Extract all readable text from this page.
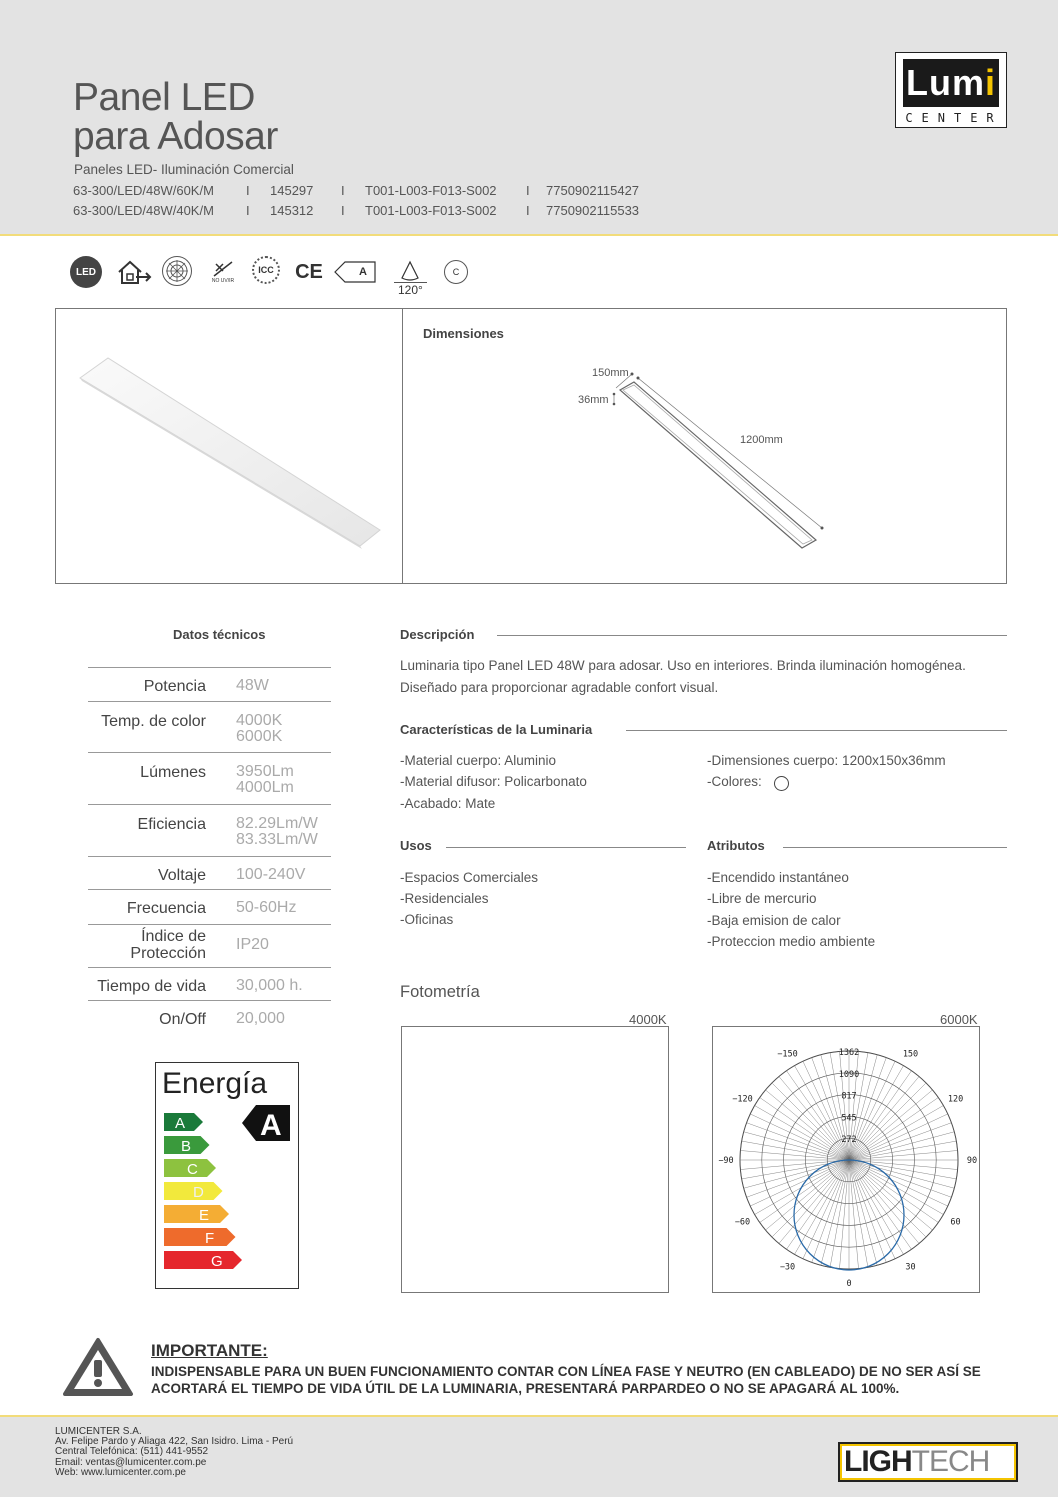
Panel LED
para Adosar
Paneles LED- Iluminación Comercial
63-300/LED/48W/60K/M I 145297 I T001-L003-F013-S002 I 7750902115427
63-300/LED/48W/40K/M I 145312 I T001-L003-F013-S002 I 7750902115533
Lumi
CENTER
LED
NO UV/IR
ICC CE	A
120°
C
Dimensiones
150mm
36mm
1200mm
Datos técnicos
Potencia 48W
Temp. de color 4000K
6000K
Lúmenes 3950Lm
4000Lm
Eficiencia 82.29Lm/W
83.33Lm/W
Voltaje 100-240V
Frecuencia 50-60Hz
Índice de
Protección
IP20
Tiempo de vida 30,000 h.
On/Off 20,000
Energía
A
B
C
D
E
F
G
A
Descripción
Luminaria tipo Panel LED 48W para adosar. Uso en interiores. Brinda iluminación homogénea.
Diseñado para proporcionar agradable confort visual.
Características de la Luminaria
-Material cuerpo: Aluminio
-Material difusor: Policarbonato
-Acabado: Mate
-Dimensiones cuerpo: 1200x150x36mm
-Colores:
Usos
-Espacios Comerciales
-Residenciales
-Oficinas
Atributos
-Encendido instantáneo
-Libre de mercurio
-Baja emision de calor
-Proteccion medio ambiente
Fotometría
4000K	6000K
1362
1090
817
545
272
0
30
−30
60
−60
90
−90
120
−120
150
−150
IMPORTANTE:
INDISPENSABLE PARA UN BUEN FUNCIONAMIENTO CONTAR CON LÍNEA FASE Y NEUTRO (EN CABLEADO) DE NO SER ASÍ SE
ACORTARÁ EL TIEMPO DE VIDA ÚTIL DE LA LUMINARIA, PRESENTARÁ PARPARDEO O NO SE APAGARÁ AL 100%.
LUMICENTER S.A.
Av. Felipe Pardo y Aliaga 422, San Isidro. Lima - Perú
Central Telefónica: (511) 441-9552
Email: ventas@lumicenter.com.pe
Web: www.lumicenter.com.pe	LIGHTECH
